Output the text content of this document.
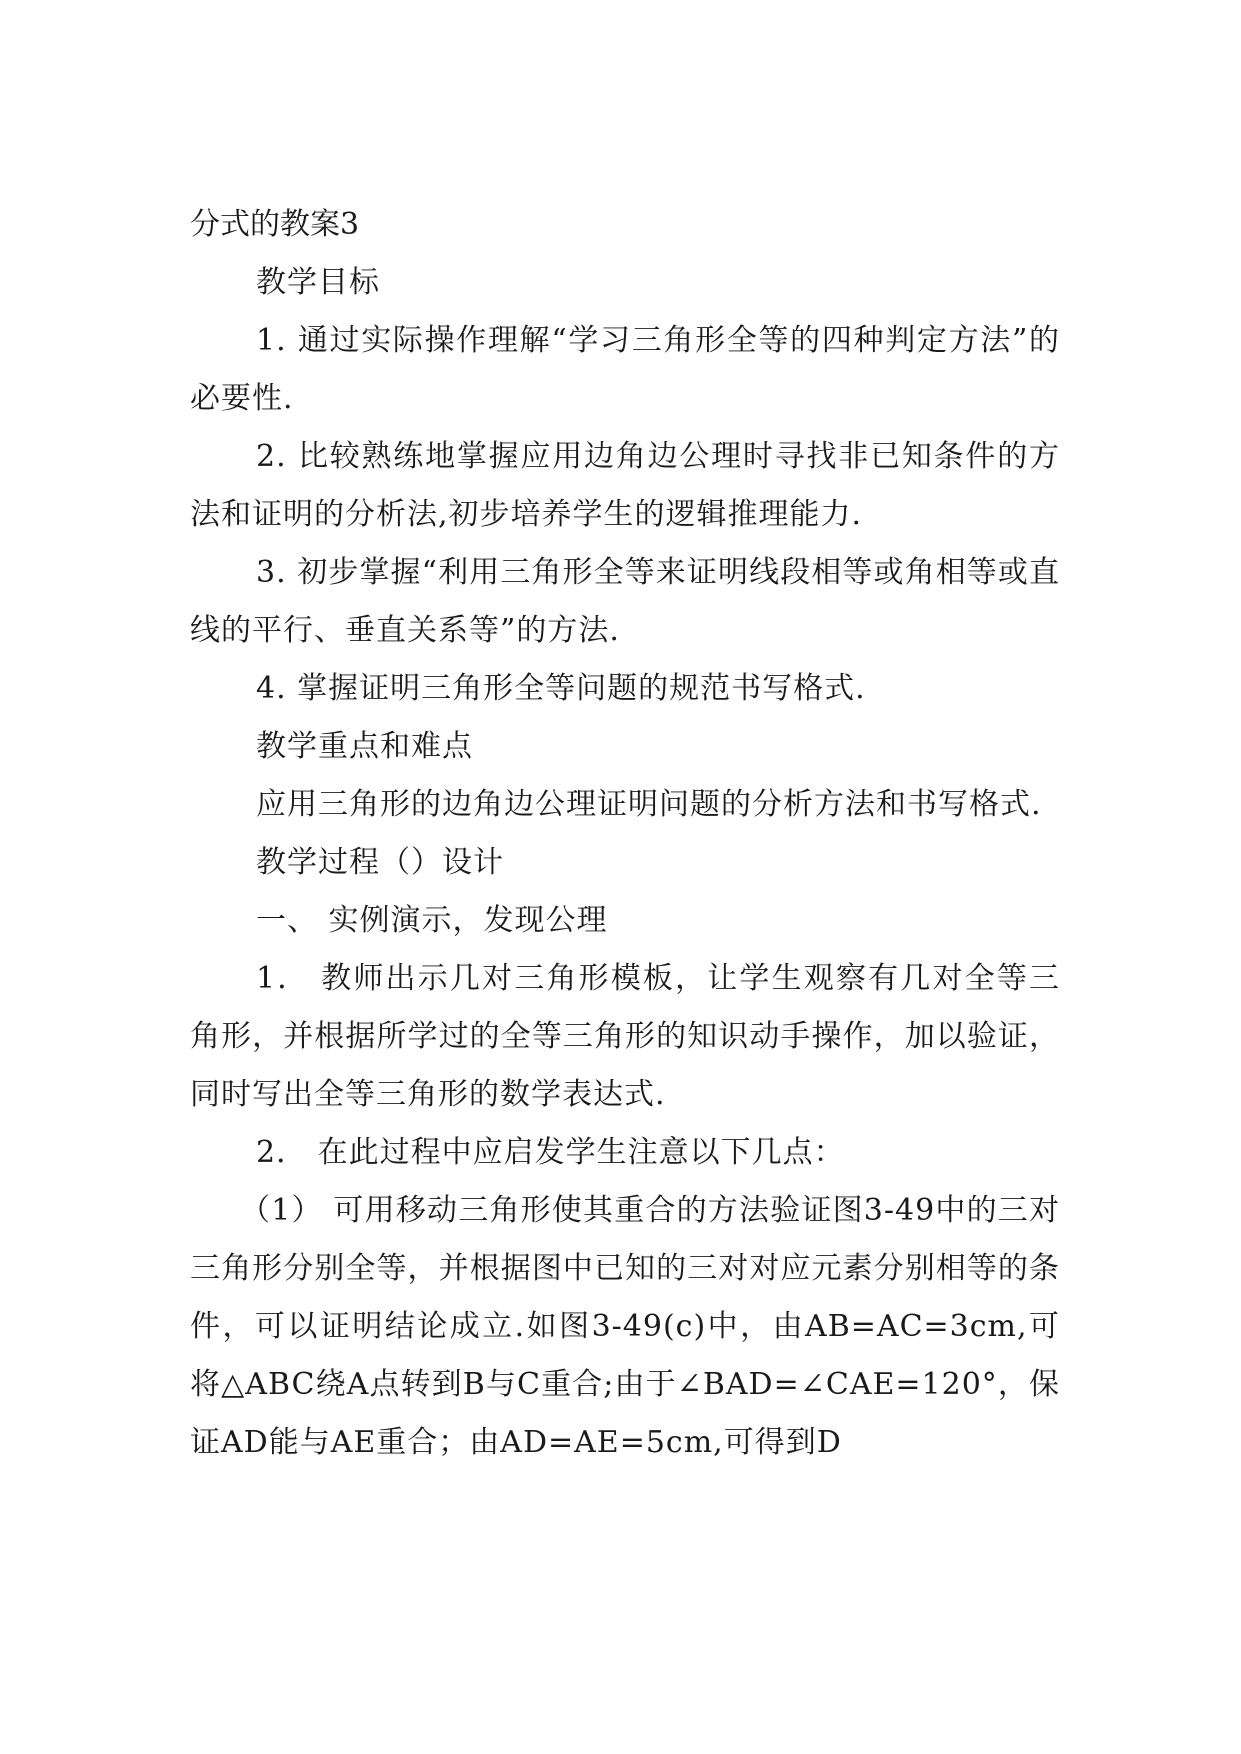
分式的教案3

教学目标

1. 通过实际操作理解“学习三角形全等的四种判定方法”的必要性.

2. 比较熟练地掌握应用边角边公理时寻找非已知条件的方法和证明的分析法,初步培养学生的逻辑推理能力.

3. 初步掌握“利用三角形全等来证明线段相等或角相等或直线的平行、垂直关系等”的方法.

4. 掌握证明三角形全等问题的规范书写格式.

教学重点和难点

应用三角形的边角边公理证明问题的分析方法和书写格式.

教学过程（）设计

一、 实例演示，发现公理

1． 教师出示几对三角形模板，让学生观察有几对全等三角形，并根据所学过的全等三角形的知识动手操作，加以验证，同时写出全等三角形的数学表达式.

2． 在此过程中应启发学生注意以下几点：

（1） 可用移动三角形使其重合的方法验证图3-49中的三对三角形分别全等，并根据图中已知的三对对应元素分别相等的条件，可以证明结论成立.如图3-49(c)中，由AB=AC=3cm,可将△ABC绕A点转到B与C重合;由于∠BAD=∠CAE=120°，保证AD能与AE重合；由AD=AE=5cm,可得到D
